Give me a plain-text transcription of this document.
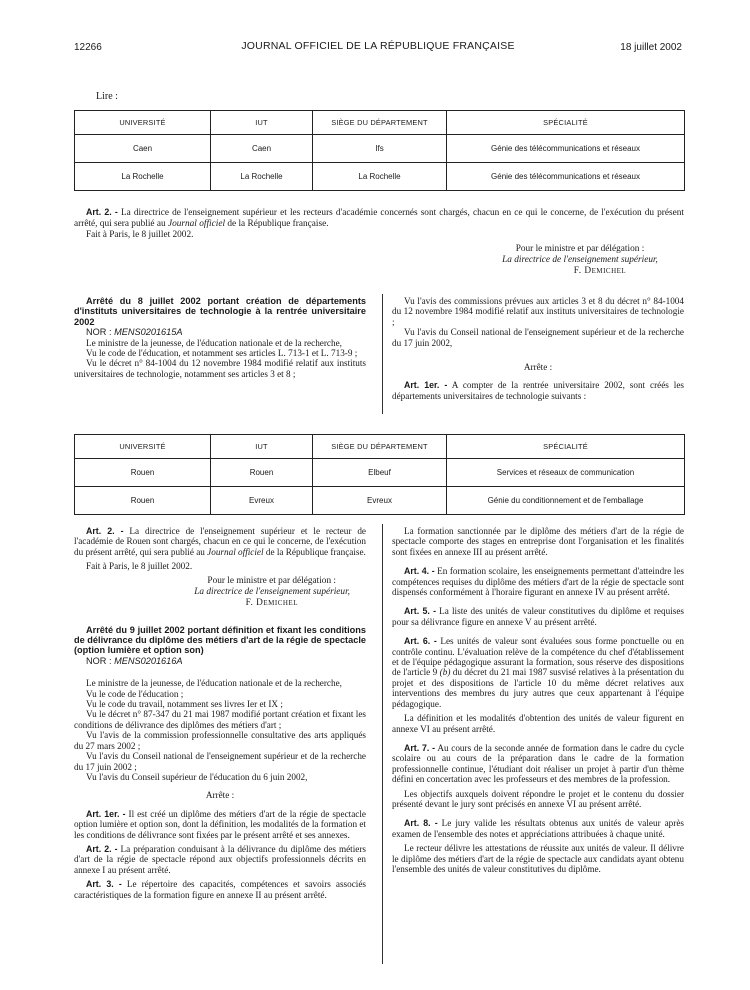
12266	JOURNAL OFFICIEL DE LA RÉPUBLIQUE FRANÇAISE	18 juillet 2002
Lire :
UNIVERSITÉ	IUT	SIÈGE DU DÉPARTEMENT	SPÉCIALITÉ
Caen	Caen	Ifs	Génie des télécommunications et réseaux
La Rochelle	La Rochelle	La Rochelle	Génie des télécommunications et réseaux
Art. 2. - La directrice de l'enseignement supérieur et les recteurs d'académie concernés sont chargés, chacun en ce qui le concerne, de l'exécution du présent arrêté, qui sera publié au Journal officiel de la République française.
Fait à Paris, le 8 juillet 2002.
Pour le ministre et par délégation :
La directrice de l'enseignement supérieur,
F. Demichel

Arrêté du 8 juillet 2002 portant création de départements d'instituts universitaires de technologie à la rentrée universitaire 2002

NOR : MENS0201615A

Le ministre de la jeunesse, de l'éducation nationale et de la recherche,

Vu le code de l'éducation, et notamment ses articles L. 713-1 et L. 713-9 ;

Vu le décret n° 84-1004 du 12 novembre 1984 modifié relatif aux instituts universitaires de technologie, notamment ses articles 3 et 8 ;

Vu l'avis des commissions prévues aux articles 3 et 8 du décret n° 84-1004 du 12 novembre 1984 modifié relatif aux instituts universitaires de technologie ;

Vu l'avis du Conseil national de l'enseignement supérieur et de la recherche du 17 juin 2002,

Arrête :

Art. 1er. - A compter de la rentrée universitaire 2002, sont créés les départements universitaires de technologie suivants :

UNIVERSITÉ	IUT	SIÈGE DU DÉPARTEMENT	SPÉCIALITÉ
Rouen	Rouen	Elbeuf	Services et réseaux de communication
Rouen	Evreux	Evreux	Génie du conditionnement et de l'emballage

Art. 2. - La directrice de l'enseignement supérieur et le recteur de l'académie de Rouen sont chargés, chacun en ce qui le concerne, de l'exécution du présent arrêté, qui sera publié au Journal officiel de la République française.

Fait à Paris, le 8 juillet 2002.

Pour le ministre et par délégation :
La directrice de l'enseignement supérieur,
F. Demichel

Arrêté du 9 juillet 2002 portant définition et fixant les conditions de délivrance du diplôme des métiers d'art de la régie de spectacle (option lumière et option son)

NOR : MENS0201616A

Le ministre de la jeunesse, de l'éducation nationale et de la recherche,

Vu le code de l'éducation ;

Vu le code du travail, notamment ses livres Ier et IX ;

Vu le décret n° 87-347 du 21 mai 1987 modifié portant création et fixant les conditions de délivrance des diplômes des métiers d'art ;

Vu l'avis de la commission professionnelle consultative des arts appliqués du 27 mars 2002 ;

Vu l'avis du Conseil national de l'enseignement supérieur et de la recherche du 17 juin 2002 ;

Vu l'avis du Conseil supérieur de l'éducation du 6 juin 2002,

Arrête :

Art. 1er. - Il est créé un diplôme des métiers d'art de la régie de spectacle option lumière et option son, dont la définition, les modalités de la formation et les conditions de délivrance sont fixées par le présent arrêté et ses annexes.

Art. 2. - La préparation conduisant à la délivrance du diplôme des métiers d'art de la régie de spectacle répond aux objectifs professionnels décrits en annexe I au présent arrêté.

Art. 3. - Le répertoire des capacités, compétences et savoirs associés caractéristiques de la formation figure en annexe II au présent arrêté.

La formation sanctionnée par le diplôme des métiers d'art de la régie de spectacle comporte des stages en entreprise dont l'organisation et les finalités sont fixées en annexe III au présent arrêté.

Art. 4. - En formation scolaire, les enseignements permettant d'atteindre les compétences requises du diplôme des métiers d'art de la régie de spectacle sont dispensés conformément à l'horaire figurant en annexe IV au présent arrêté.

Art. 5. - La liste des unités de valeur constitutives du diplôme et requises pour sa délivrance figure en annexe V au présent arrêté.

Art. 6. - Les unités de valeur sont évaluées sous forme ponctuelle ou en contrôle continu. L'évaluation relève de la compétence du chef d'établissement et de l'équipe pédagogique assurant la formation, sous réserve des dispositions de l'article 9 (b) du décret du 21 mai 1987 susvisé relatives à la présentation du projet et des dispositions de l'article 10 du même décret relatives aux interventions des membres du jury autres que ceux appartenant à l'équipe pédagogique.

La définition et les modalités d'obtention des unités de valeur figurent en annexe VI au présent arrêté.

Art. 7. - Au cours de la seconde année de formation dans le cadre du cycle scolaire ou au cours de la préparation dans le cadre de la formation professionnelle continue, l'étudiant doit réaliser un projet à partir d'un thème défini en concertation avec les professeurs et des membres de la profession.

Les objectifs auxquels doivent répondre le projet et le contenu du dossier présenté devant le jury sont précisés en annexe VI au présent arrêté.

Art. 8. - Le jury valide les résultats obtenus aux unités de valeur après examen de l'ensemble des notes et appréciations attribuées à chaque unité.

Le recteur délivre les attestations de réussite aux unités de valeur. Il délivre le diplôme des métiers d'art de la régie de spectacle aux candidats ayant obtenu l'ensemble des unités de valeur constitutives du diplôme.
